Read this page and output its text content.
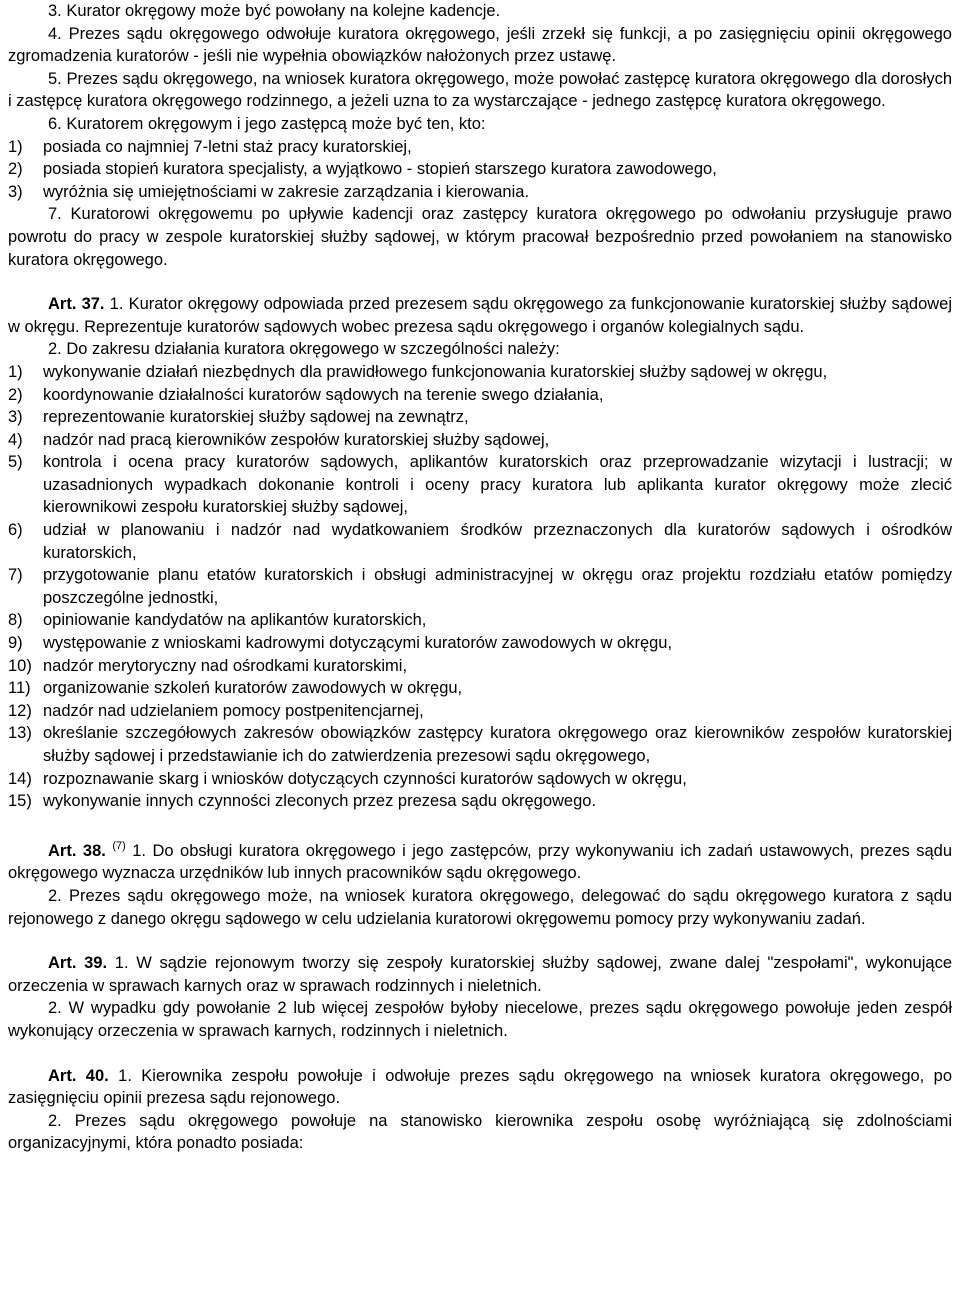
3. Kurator okręgowy może być powołany na kolejne kadencje.

4. Prezes sądu okręgowego odwołuje kuratora okręgowego, jeśli zrzekł się funkcji, a po zasięgnięciu opinii okręgowego zgromadzenia kuratorów - jeśli nie wypełnia obowiązków nałożonych przez ustawę.

5. Prezes sądu okręgowego, na wniosek kuratora okręgowego, może powołać zastępcę kuratora okręgowego dla dorosłych i zastępcę kuratora okręgowego rodzinnego, a jeżeli uzna to za wystarczające - jednego zastępcę kuratora okręgowego.

6. Kuratorem okręgowym i jego zastępcą może być ten, kto:

1)	posiada co najmniej 7-letni staż pracy kuratorskiej,
2)	posiada stopień kuratora specjalisty, a wyjątkowo - stopień starszego kuratora zawodowego,
3)	wyróżnia się umiejętnościami w zakresie zarządzania i kierowania.

7. Kuratorowi okręgowemu po upływie kadencji oraz zastępcy kuratora okręgowego po odwołaniu przysługuje prawo powrotu do pracy w zespole kuratorskiej służby sądowej, w którym pracował bezpośrednio przed powołaniem na stanowisko kuratora okręgowego.

Art. 37. 1. Kurator okręgowy odpowiada przed prezesem sądu okręgowego za funkcjonowanie kuratorskiej służby sądowej w okręgu. Reprezentuje kuratorów sądowych wobec prezesa sądu okręgowego i organów kolegialnych sądu.

2. Do zakresu działania kuratora okręgowego w szczególności należy:

1)	wykonywanie działań niezbędnych dla prawidłowego funkcjonowania kuratorskiej służby sądowej w okręgu,
2)	koordynowanie działalności kuratorów sądowych na terenie swego działania,
3)	reprezentowanie kuratorskiej służby sądowej na zewnątrz,
4)	nadzór nad pracą kierowników zespołów kuratorskiej służby sądowej,
5)	kontrola i ocena pracy kuratorów sądowych, aplikantów kuratorskich oraz przeprowadzanie wizytacji i lustracji; w uzasadnionych wypadkach dokonanie kontroli i oceny pracy kuratora lub aplikanta kurator okręgowy może zlecić kierownikowi zespołu kuratorskiej służby sądowej,
6)	udział w planowaniu i nadzór nad wydatkowaniem środków przeznaczonych dla kuratorów sądowych i ośrodków kuratorskich,
7)	przygotowanie planu etatów kuratorskich i obsługi administracyjnej w okręgu oraz projektu rozdziału etatów pomiędzy poszczególne jednostki,
8)	opiniowanie kandydatów na aplikantów kuratorskich,
9)	występowanie z wnioskami kadrowymi dotyczącymi kuratorów zawodowych w okręgu,
10) nadzór merytoryczny nad ośrodkami kuratorskimi,
11) organizowanie szkoleń kuratorów zawodowych w okręgu,
12) nadzór nad udzielaniem pomocy postpenitencjarnej,
13) określanie szczegółowych zakresów obowiązków zastępcy kuratora okręgowego oraz kierowników zespołów kuratorskiej służby sądowej i przedstawianie ich do zatwierdzenia prezesowi sądu okręgowego,
14) rozpoznawanie skarg i wniosków dotyczących czynności kuratorów sądowych w okręgu,
15) wykonywanie innych czynności zleconych przez prezesa sądu okręgowego.

Art. 38. $^{(7)}$ 1. Do obsługi kuratora okręgowego i jego zastępców, przy wykonywaniu ich zadań ustawowych, prezes sądu okręgowego wyznacza urzędników lub innych pracowników sądu okręgowego.

2. Prezes sądu okręgowego może, na wniosek kuratora okręgowego, delegować do sądu okręgowego kuratora z sądu rejonowego z danego okręgu sądowego w celu udzielania kuratorowi okręgowemu pomocy przy wykonywaniu zadań.

Art. 39. 1. W sądzie rejonowym tworzy się zespoły kuratorskiej służby sądowej, zwane dalej "zespołami", wykonujące orzeczenia w sprawach karnych oraz w sprawach rodzinnych i nieletnich.

2. W wypadku gdy powołanie 2 lub więcej zespołów byłoby niecelowe, prezes sądu okręgowego powołuje jeden zespół wykonujący orzeczenia w sprawach karnych, rodzinnych i nieletnich.

Art. 40. 1. Kierownika zespołu powołuje i odwołuje prezes sądu okręgowego na wniosek kuratora okręgowego, po zasięgnięciu opinii prezesa sądu rejonowego.

2. Prezes sądu okręgowego powołuje na stanowisko kierownika zespołu osobę wyróżniającą się zdolnościami organizacyjnymi, która ponadto posiada:
